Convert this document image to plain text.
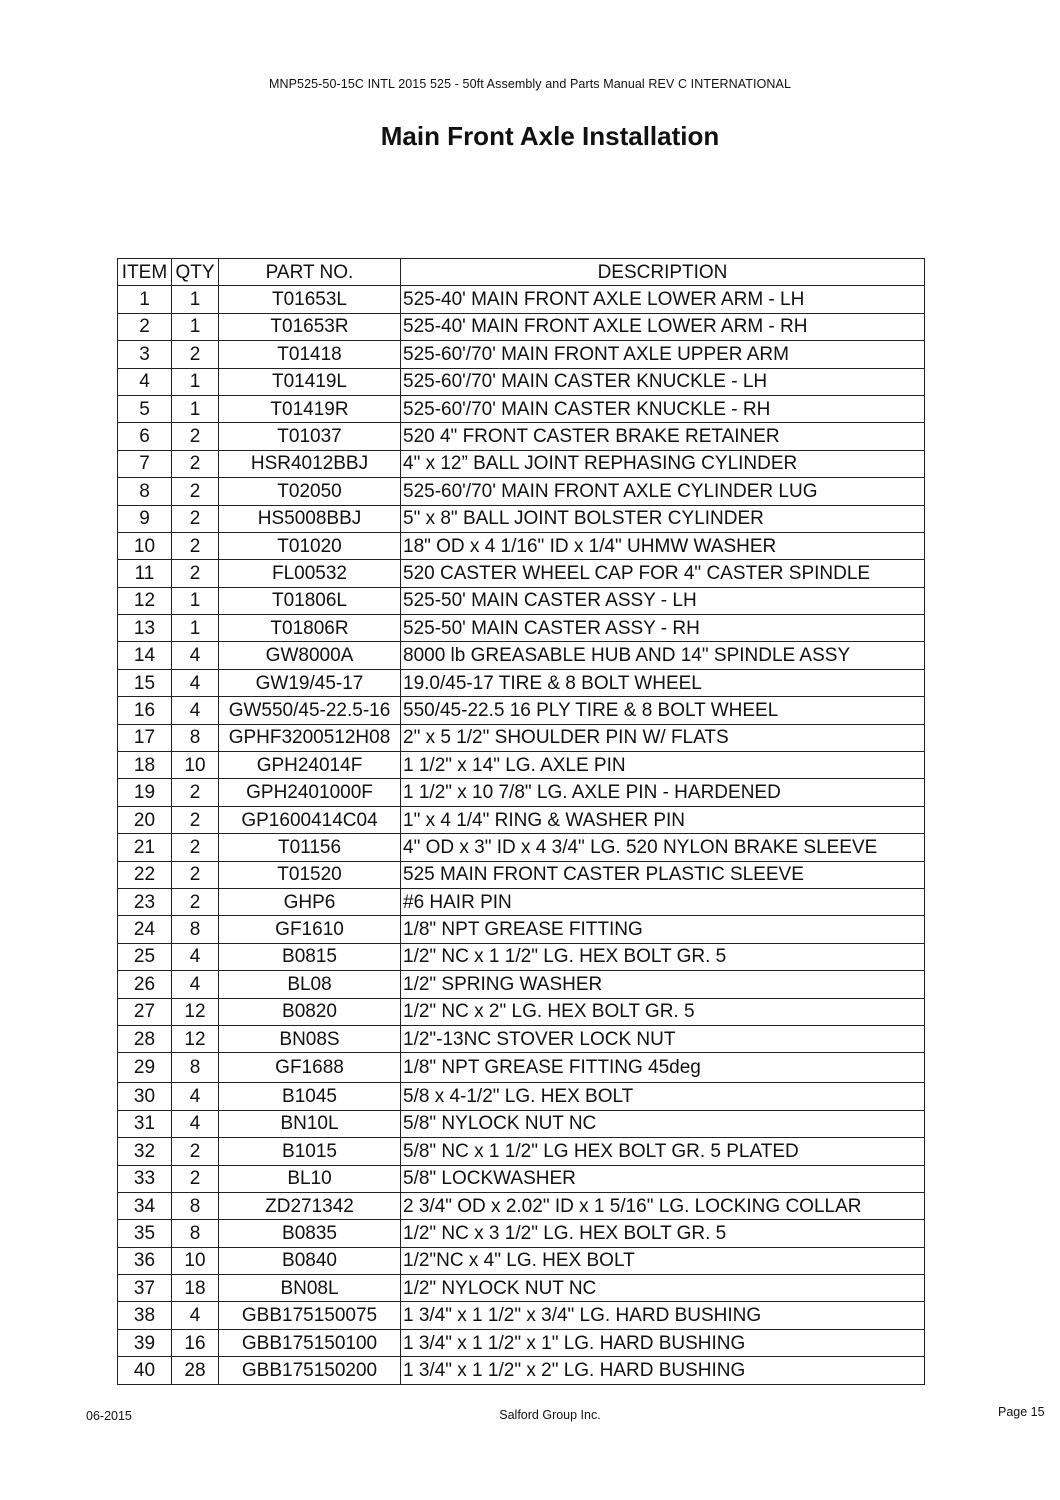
MNP525-50-15C INTL 2015 525 - 50ft Assembly and Parts Manual REV C INTERNATIONAL
Main Front Axle Installation
ITEM	QTY	PART NO.	DESCRIPTION
1	1	T01653L	525-40' MAIN FRONT AXLE LOWER ARM - LH
2	1	T01653R	525-40' MAIN FRONT AXLE LOWER ARM - RH
3	2	T01418	525-60'/70' MAIN FRONT AXLE UPPER ARM
4	1	T01419L	525-60'/70' MAIN CASTER KNUCKLE - LH
5	1	T01419R	525-60'/70' MAIN CASTER KNUCKLE - RH
6	2	T01037	520 4" FRONT CASTER BRAKE RETAINER
7	2	HSR4012BBJ	4" x 12” BALL JOINT REPHASING CYLINDER
8	2	T02050	525-60'/70' MAIN FRONT AXLE CYLINDER LUG
9	2	HS5008BBJ	5" x 8" BALL JOINT BOLSTER CYLINDER
10	2	T01020	18" OD x 4 1/16" ID x 1/4" UHMW WASHER
11	2	FL00532	520 CASTER WHEEL CAP FOR 4" CASTER SPINDLE
12	1	T01806L	525-50' MAIN CASTER ASSY - LH
13	1	T01806R	525-50' MAIN CASTER ASSY - RH
14	4	GW8000A	8000 lb GREASABLE HUB AND 14" SPINDLE ASSY
15	4	GW19/45-17	19.0/45-17 TIRE & 8 BOLT WHEEL
16	4	GW550/45-22.5-16	550/45-22.5 16 PLY TIRE & 8 BOLT WHEEL
17	8	GPHF3200512H08	2" x 5 1/2" SHOULDER PIN W/ FLATS
18	10	GPH24014F	1 1/2" x 14" LG. AXLE PIN
19	2	GPH2401000F	1 1/2" x 10 7/8" LG. AXLE PIN - HARDENED
20	2	GP1600414C04	1" x 4 1/4" RING & WASHER PIN
21	2	T01156	4" OD x 3" ID x 4 3/4" LG. 520 NYLON BRAKE SLEEVE
22	2	T01520	525 MAIN FRONT CASTER PLASTIC SLEEVE
23	2	GHP6	#6 HAIR PIN
24	8	GF1610	1/8" NPT GREASE FITTING
25	4	B0815	1/2" NC x 1 1/2" LG. HEX BOLT GR. 5
26	4	BL08	1/2" SPRING WASHER
27	12	B0820	1/2" NC x 2" LG. HEX BOLT GR. 5
28	12	BN08S	1/2"-13NC STOVER LOCK NUT
29	8	GF1688	1/8" NPT GREASE FITTING 45deg
30	4	B1045	5/8 x 4-1/2" LG. HEX BOLT
31	4	BN10L	5/8" NYLOCK NUT NC
32	2	B1015	5/8" NC x 1 1/2" LG HEX BOLT GR. 5 PLATED
33	2	BL10	5/8" LOCKWASHER
34	8	ZD271342	2 3/4" OD x 2.02" ID x 1 5/16" LG. LOCKING COLLAR
35	8	B0835	1/2" NC x 3 1/2" LG. HEX BOLT GR. 5
36	10	B0840	1/2"NC x 4" LG. HEX BOLT
37	18	BN08L	1/2" NYLOCK NUT NC
38	4	GBB175150075	1 3/4" x 1 1/2" x 3/4" LG. HARD BUSHING
39	16	GBB175150100	1 3/4" x 1 1/2" x 1" LG. HARD BUSHING
40	28	GBB175150200	1 3/4" x 1 1/2" x 2" LG. HARD BUSHING
06-2015	Salford Group Inc.	Page 15
